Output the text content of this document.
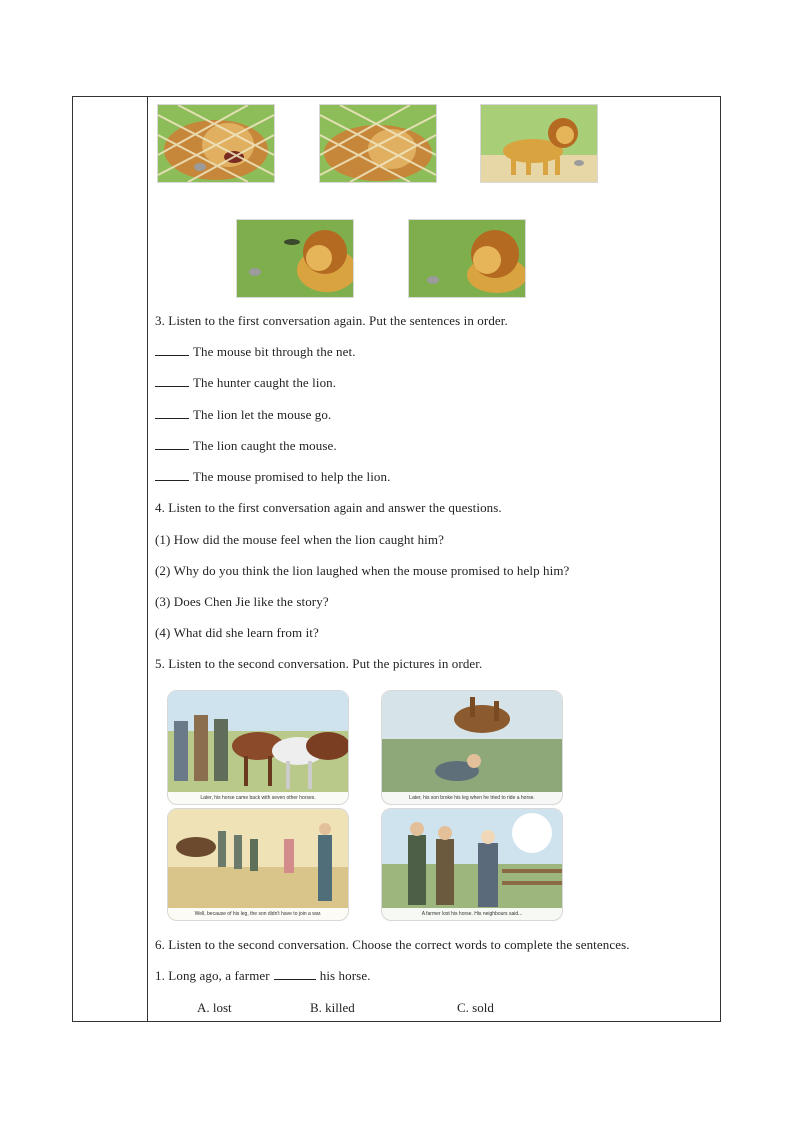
3. Listen to the first conversation again. Put the sentences in order.
The mouse bit through the net.
The hunter caught the lion.
The lion let the mouse go.
The lion caught the mouse.
The mouse promised to help the lion.
4. Listen to the first conversation again and answer the questions.
(1) How did the mouse feel when the lion caught him?
(2) Why do you think the lion laughed when the mouse promised to help him?
(3) Does Chen Jie like the story?
(4) What did she learn from it?
5. Listen to the second conversation. Put the pictures in order.
Later, his horse came back with seven other horses.	Later, his son broke his leg when he tried to ride a horse.
Well, because of his leg, the son didn't have to join a war.	A farmer lost his horse. His neighbours said...
6. Listen to the second conversation. Choose the correct words to complete the sentences.
1. Long ago, a farmer	his horse.
A. lost	B. killed	C. sold
